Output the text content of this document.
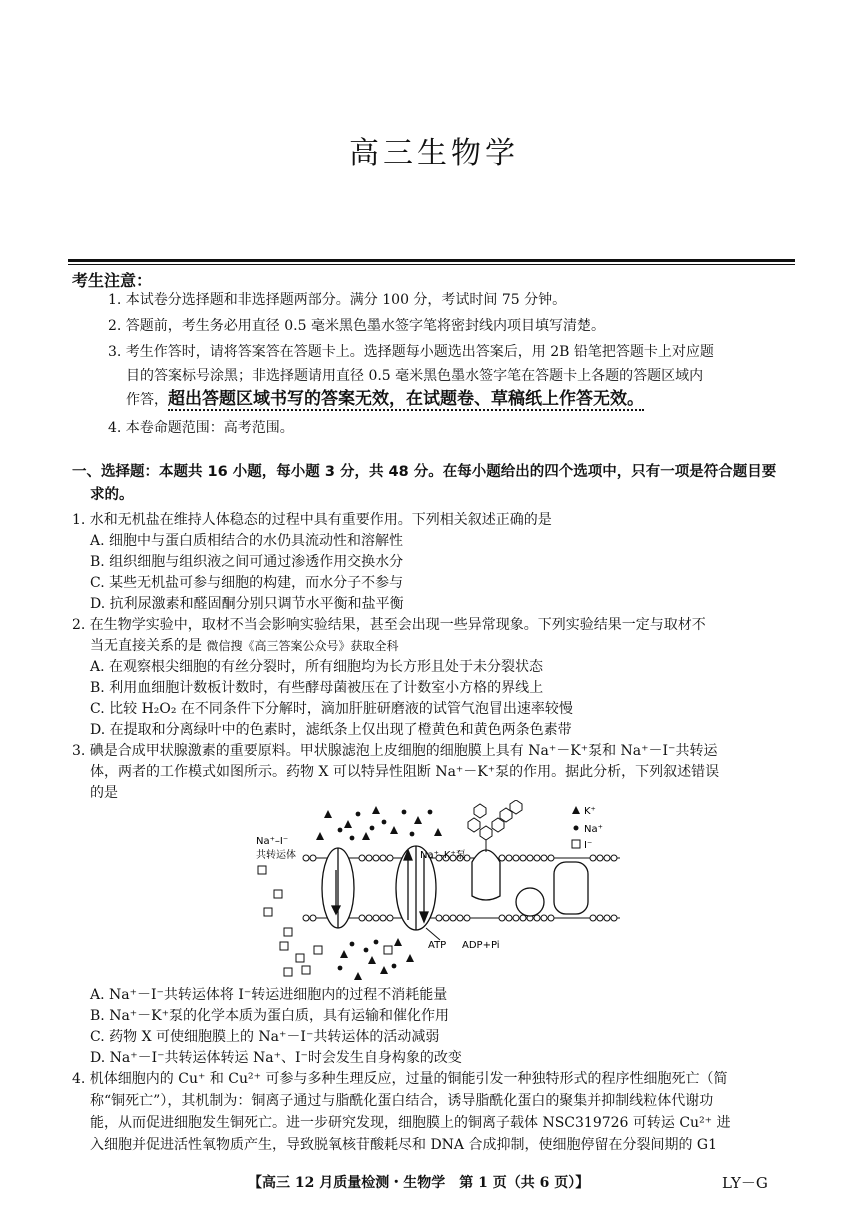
高三生物学
考生注意：
1. 本试卷分选择题和非选择题两部分。满分 100 分，考试时间 75 分钟。
2. 答题前，考生务必用直径 0.5 毫米黑色墨水签字笔将密封线内项目填写清楚。
3. 考生作答时，请将答案答在答题卡上。选择题每小题选出答案后，用 2B 铅笔把答题卡上对应题
目的答案标号涂黑；非选择题请用直径 0.5 毫米黑色墨水签字笔在答题卡上各题的答题区域内
作答，超出答题区域书写的答案无效，在试题卷、草稿纸上作答无效。
4. 本卷命题范围：高考范围。
一、选择题：本题共 16 小题，每小题 3 分，共 48 分。在每小题给出的四个选项中，只有一项是符合题目要
求的。
1. 水和无机盐在维持人体稳态的过程中具有重要作用。下列相关叙述正确的是
A. 细胞中与蛋白质相结合的水仍具流动性和溶解性
B. 组织细胞与组织液之间可通过渗透作用交换水分
C. 某些无机盐可参与细胞的构建，而水分子不参与
D. 抗利尿激素和醛固酮分别只调节水平衡和盐平衡
2. 在生物学实验中，取材不当会影响实验结果，甚至会出现一些异常现象。下列实验结果一定与取材不
当无直接关系的是 微信搜《高三答案公众号》获取全科
A. 在观察根尖细胞的有丝分裂时，所有细胞均为长方形且处于未分裂状态
B. 利用血细胞计数板计数时，有些酵母菌被压在了计数室小方格的界线上
C. 比较 H₂O₂ 在不同条件下分解时，滴加肝脏研磨液的试管气泡冒出速率较慢
D. 在提取和分离绿叶中的色素时，滤纸条上仅出现了橙黄色和黄色两条色素带
3. 碘是合成甲状腺激素的重要原料。甲状腺滤泡上皮细胞的细胞膜上具有 Na⁺－K⁺泵和 Na⁺－I⁻共转运
体，两者的工作模式如图所示。药物 X 可以特异性阻断 Na⁺－K⁺泵的作用。据此分析，下列叙述错误
的是
Na⁺–I⁻
共转运体	Na⁺–K⁺泵
ATP ADP+Pi
K⁺
Na⁺
I⁻
A. Na⁺－I⁻共转运体将 I⁻转运进细胞内的过程不消耗能量
B. Na⁺－K⁺泵的化学本质为蛋白质，具有运输和催化作用
C. 药物 X 可使细胞膜上的 Na⁺－I⁻共转运体的活动减弱
D. Na⁺－I⁻共转运体转运 Na⁺、I⁻时会发生自身构象的改变
4. 机体细胞内的 Cu⁺ 和 Cu²⁺ 可参与多种生理反应，过量的铜能引发一种独特形式的程序性细胞死亡（简
称“铜死亡”），其机制为：铜离子通过与脂酰化蛋白结合，诱导脂酰化蛋白的聚集并抑制线粒体代谢功
能，从而促进细胞发生铜死亡。进一步研究发现，细胞膜上的铜离子载体 NSC319726 可转运 Cu²⁺ 进
入细胞并促进活性氧物质产生，导致脱氧核苷酸耗尽和 DNA 合成抑制，使细胞停留在分裂间期的 G1
【高三 12 月质量检测・生物学　第 1 页（共 6 页）】	LY－G
